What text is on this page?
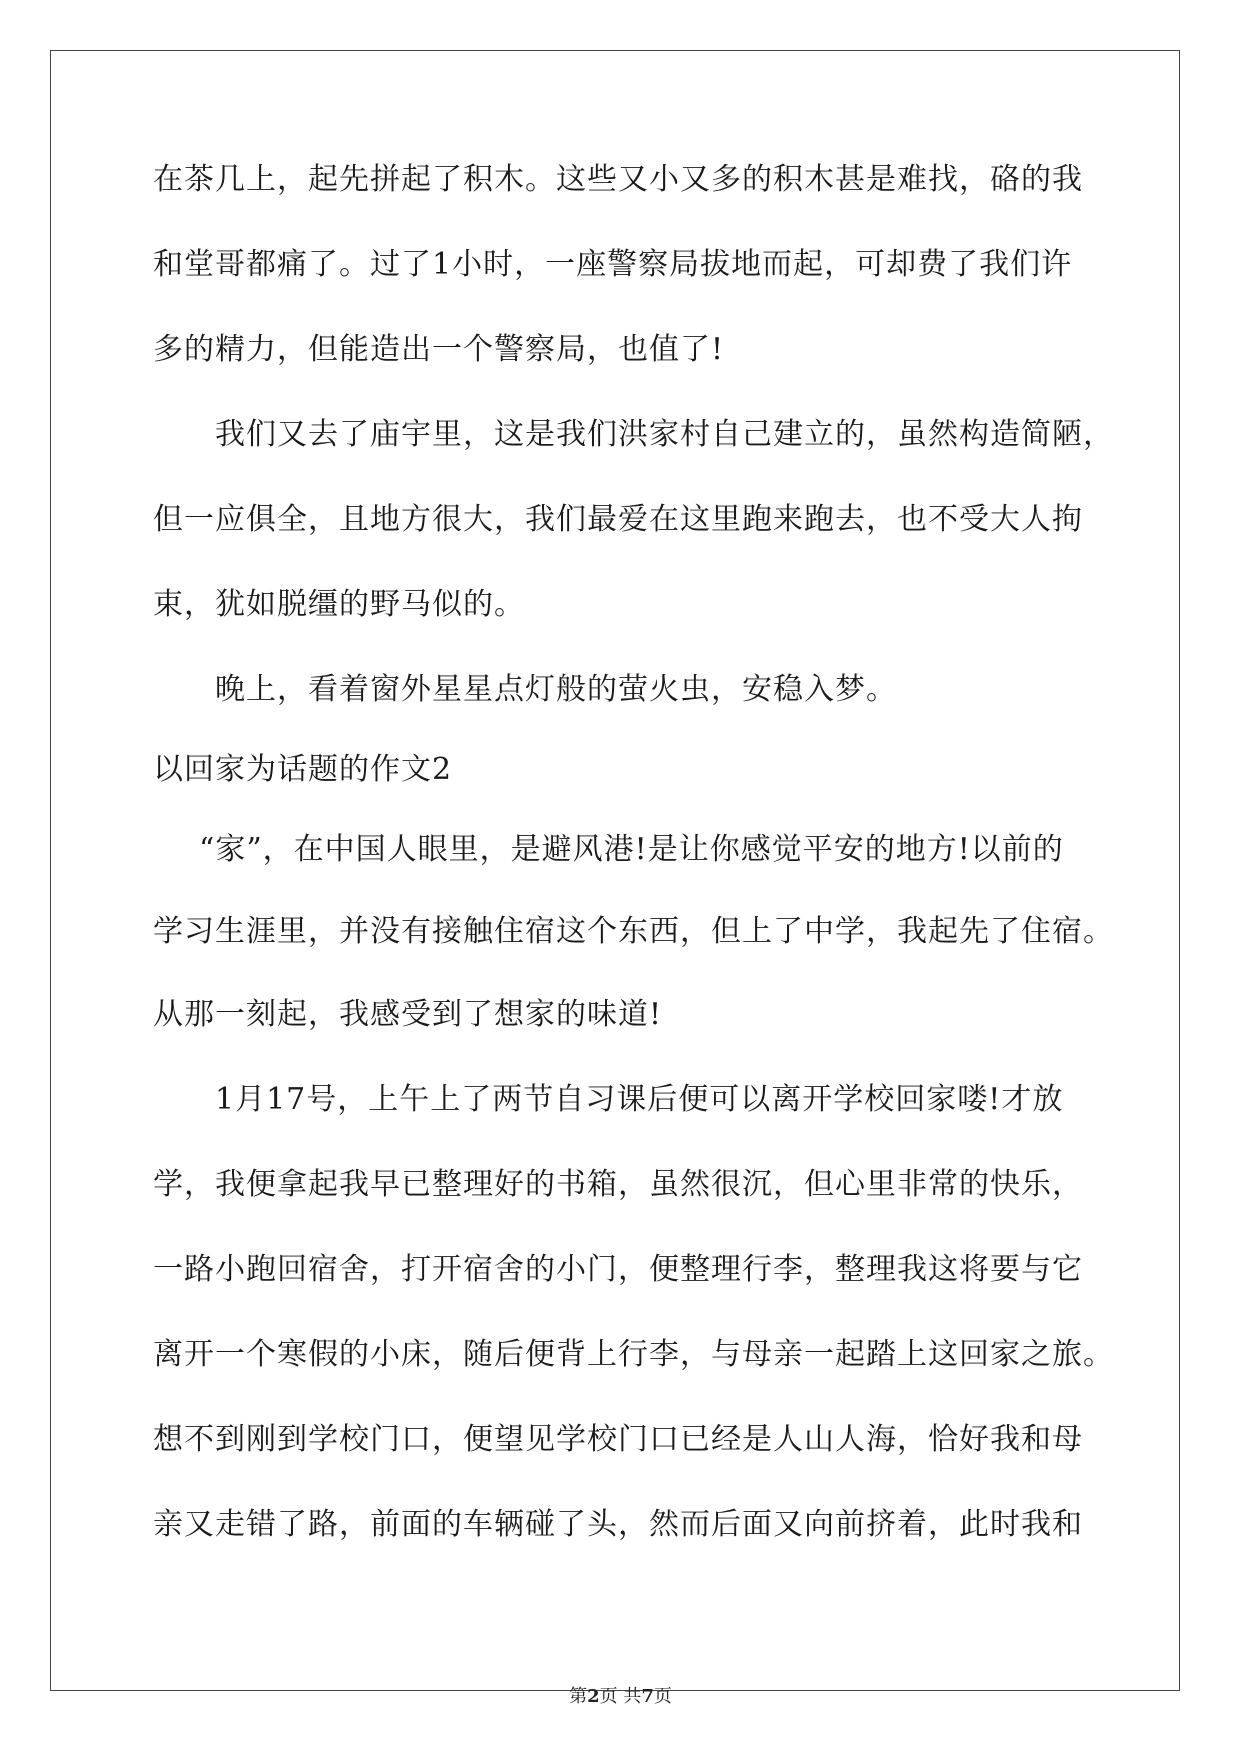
在茶几上，起先拼起了积木。这些又小又多的积木甚是难找，硌的我
和堂哥都痛了。过了1小时，一座警察局拔地而起，可却费了我们许
多的精力，但能造出一个警察局，也值了!
我们又去了庙宇里，这是我们洪家村自己建立的，虽然构造简陋，
但一应俱全，且地方很大，我们最爱在这里跑来跑去，也不受大人拘
束，犹如脱缰的野马似的。
晚上，看着窗外星星点灯般的萤火虫，安稳入梦。
以回家为话题的作文2
“家”，在中国人眼里，是避风港!是让你感觉平安的地方!以前的
学习生涯里，并没有接触住宿这个东西，但上了中学，我起先了住宿。
从那一刻起，我感受到了想家的味道!
1月17号，上午上了两节自习课后便可以离开学校回家喽!才放
学，我便拿起我早已整理好的书箱，虽然很沉，但心里非常的快乐，
一路小跑回宿舍，打开宿舍的小门，便整理行李，整理我这将要与它
离开一个寒假的小床，随后便背上行李，与母亲一起踏上这回家之旅。
想不到刚到学校门口，便望见学校门口已经是人山人海，恰好我和母
亲又走错了路，前面的车辆碰了头，然而后面又向前挤着，此时我和
第2页 共7页
